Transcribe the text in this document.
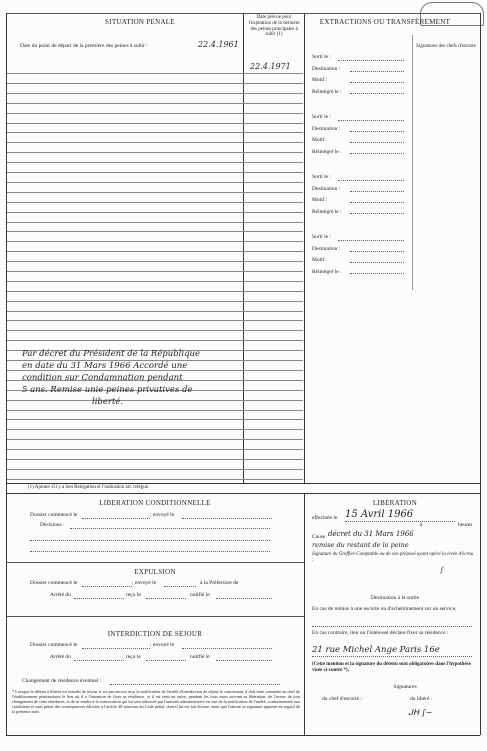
SITUATION PENALE
Date du point de départ de la première des peines à subir :	22.4.1961
Date prévue pour l'expiration de la dernière des peines principales à subir (1)
22.4.1971
EXTRACTIONS OU TRANSFÈREMENT
Signatures des chefs d'escorte
Sorti le :
Destination :
Motif :
Réintégré le :
Sorti le :
Destination :
Motif :
Réintégré le :
Sorti le :
Destination :
Motif :
Réintégré le :
Sorti le :
Destination :
Motif :
Réintégré le :
Par décret du Président de la République
en date du 31 Mars 1966 Accordé une
condition sur Condamnation pendant
5 ans. Remise unie peines privatives de
liberté.
(1) Ajouter s'il y a lieu Relégation et l'indication art. relégué.
LIBERATION CONDITIONNELLE
Dossier commencé le	; envoyé le
Décisions :
EXPULSION
Dossier commencé le	; envoyé le	à la Préfecture de
Arrêté du	reçu le	notifié le
INTERDICTION DE SEJOUR
Dossier commencé le	; envoyé le
Arrêté du	reçu le	notifié le
Changement de résidence éventuel :
* Lorsque le détenu à libérer est interdit de séjour et n'a pas encore reçu la notification de l'arrêté d'interdiction de séjour le concernant, il doit faire connaître au chef de l'établissement pénitentiaire le lieu où il a l'intention de fixer sa résidence, et il est tenu en outre, pendant les trois mois suivant sa libération, de l'aviser de tout changement de cette résidence, et de se rendre à la convocation qui lui sera adressée par l'autorité administrative en vue de la notification de l'arrêté, conformément aux conditions et sous peine des conséquences édictées à l'article 48 nouveau du Code pénal, dont il lui est fait lecture, ainsi que l'atteste sa signature apposée en regard de la présente note.
LIBERATION
effectuée le 15 Avril 1966
à	heures
Cause décret du 31 Mars 1966
remise du restant de la peine
Signature du Greffier-Comptable ou de son préposé ayant opéré la levée d'écrou :
∫
Destination à la sortie
En cas de remise à une escorte ou d'acheminement sur un service,
En cas contraire, lieu où l'intéressé déclare fixer sa résidence :
21 rue Michel Ange Paris 16e
(Cette mention et la signature du détenu sont obligatoires dans l'hypothèse visée ci-contre *).
Signatures
du chef d'escorte :	du libéré :
ᒍᕼ ∫~
